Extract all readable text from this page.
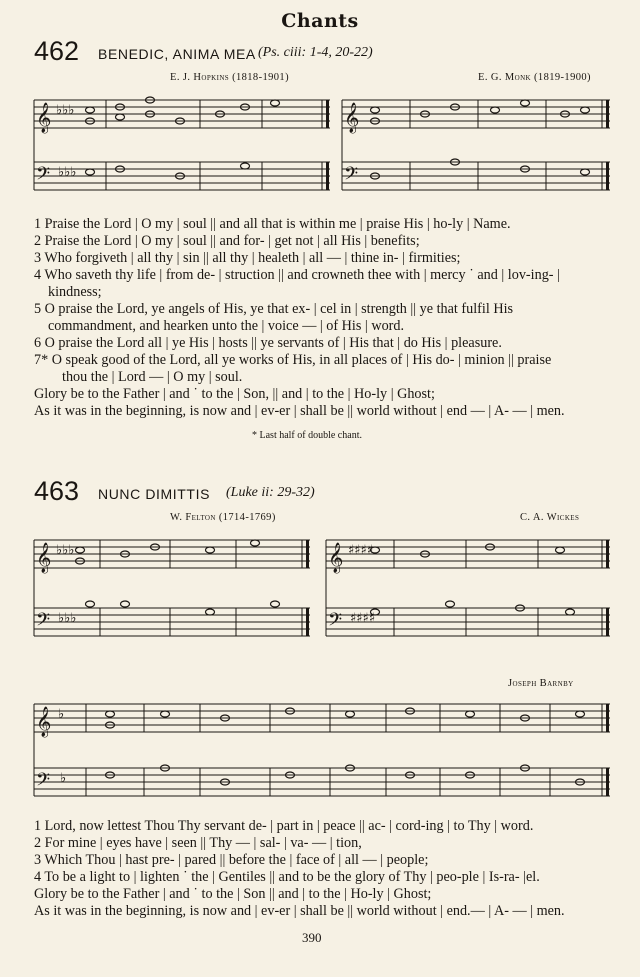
Chants
462 BENEDIC, ANIMA MEA (Ps. ciii: 1-4, 20-22)
E. J. Hopkins (1818-1901)	E. G. Monk (1819-1900)
𝄞	𝄞
𝄢	𝄢
♭♭♭
♭♭♭
1 Praise the Lord | O my | soul || and all that is within me | praise His | ho-ly | Name.
2 Praise the Lord | O my | soul || and for- | get not | all His | benefits;
3 Who forgiveth | all thy | sin || all thy | healeth | all — | thine in- | firmities;
4 Who saveth thy life | from de- | struction || and crowneth thee with | mercy ˙ and | lov-ing- |
kindness;
5 O praise the Lord, ye angels of His, ye that ex- | cel in | strength || ye that fulfil His
commandment, and hearken unto the | voice — | of His | word.
6 O praise the Lord all | ye His | hosts || ye servants of | His that | do His | pleasure.
7* O speak good of the Lord, all ye works of His, in all places of | His do- | minion || praise
thou the | Lord — | O my | soul.
Glory be to the Father | and ˙ to the | Son, || and | to the | Ho-ly | Ghost;
As it was in the beginning, is now and | ev-er | shall be || world without | end — | A- — | men.
* Last half of double chant.
463 NUNC DIMITTIS (Luke ii: 29-32)
W. Felton (1714-1769)	C. A. Wickes
𝄞	𝄞
𝄢	𝄢
♭♭♭
♭♭♭
♯♯♯♯
♯♯♯♯
Joseph Barnby
𝄞
𝄢
♭
♭
1 Lord, now lettest Thou Thy servant de- | part in | peace || ac- | cord-ing | to Thy | word.
2 For mine | eyes have | seen || Thy — | sal- | va- — | tion,
3 Which Thou | hast pre- | pared || before the | face of | all — | people;
4 To be a light to | lighten ˙ the | Gentiles || and to be the glory of Thy | peo-ple | Is-ra- |el.
Glory be to the Father | and ˙ to the | Son || and | to the | Ho-ly | Ghost;
As it was in the beginning, is now and | ev-er | shall be || world without | end.— | A- — | men.
390
